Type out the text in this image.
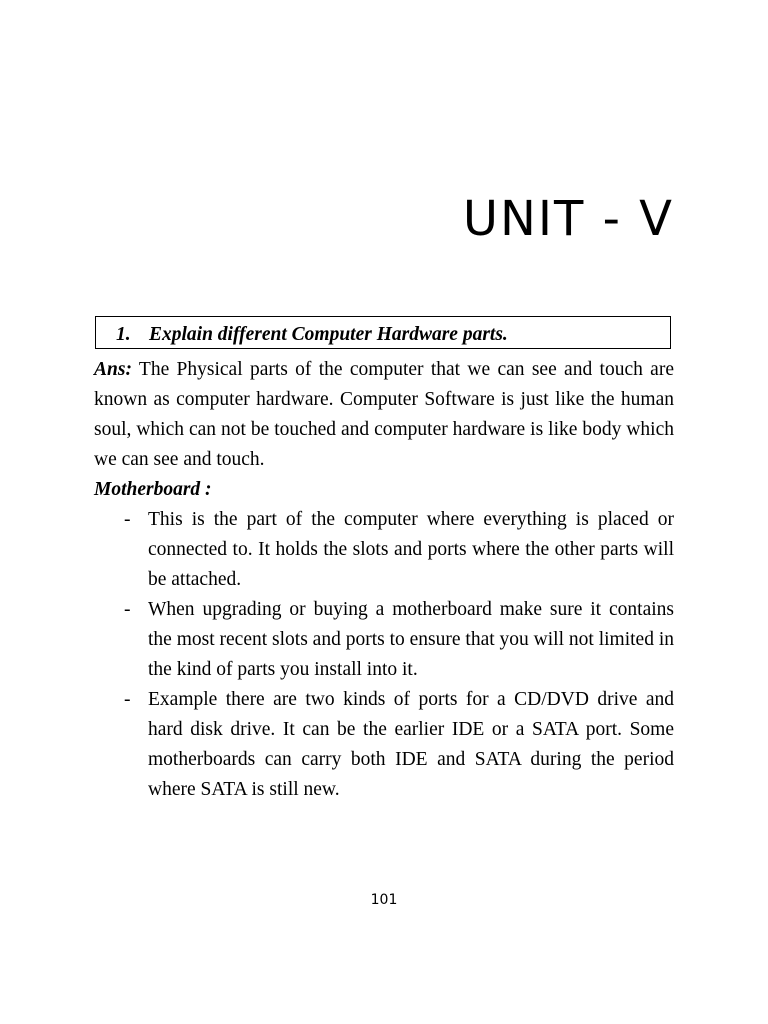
UNIT - V
1. Explain different Computer Hardware parts.

Ans: The Physical parts of the computer that we can see and touch are known as computer hardware. Computer Software is just like the human soul, which can not be touched and computer hardware is like body which we can see and touch.

Motherboard :

- This is the part of the computer where everything is placed or connected to. It holds the slots and ports where the other parts will be attached.
- When upgrading or buying a motherboard make sure it contains the most recent slots and ports to ensure that you will not limited in the kind of parts you install into it.
- Example there are two kinds of ports for a CD/DVD drive and hard disk drive. It can be the earlier IDE or a SATA port. Some motherboards can carry both IDE and SATA during the period where SATA is still new.
101
